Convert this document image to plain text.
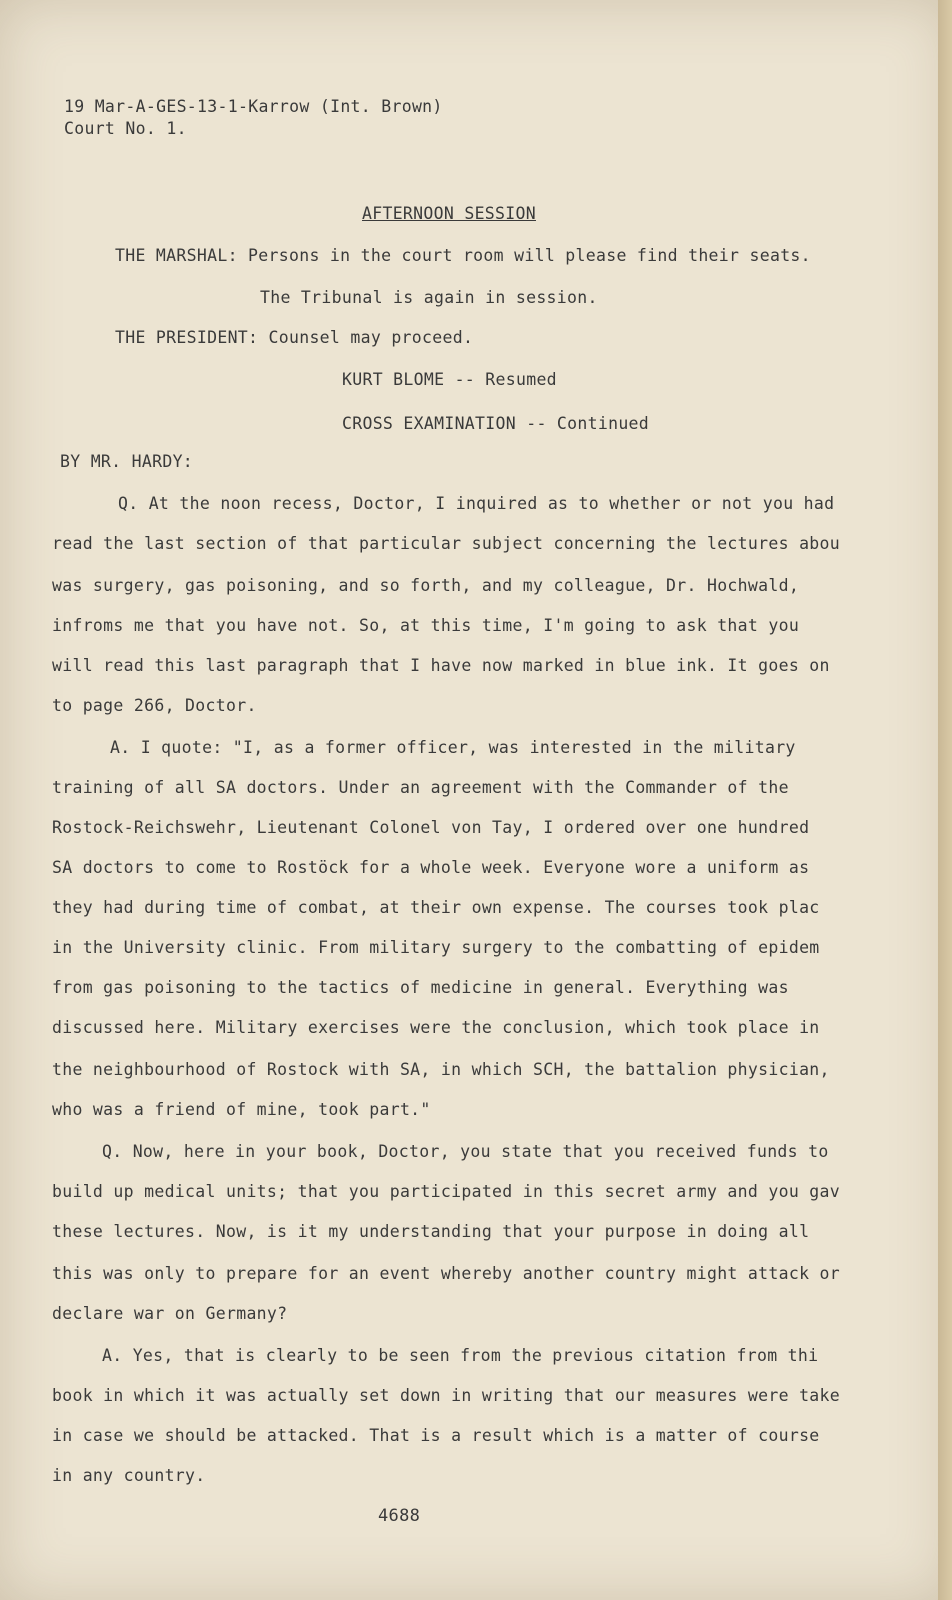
19 Mar-A-GES-13-1-Karrow (Int. Brown)
Court No. 1.
AFTERNOON SESSION
THE MARSHAL: Persons in the court room will please find their seats.
The Tribunal is again in session.
THE PRESIDENT: Counsel may proceed.
KURT BLOME -- Resumed
CROSS EXAMINATION -- Continued
BY MR. HARDY:
Q. At the noon recess, Doctor, I inquired as to whether or not you had
read the last section of that particular subject concerning the lectures abou
was surgery, gas poisoning, and so forth, and my colleague, Dr. Hochwald,
infroms me that you have not. So, at this time, I'm going to ask that you
will read this last paragraph that I have now marked in blue ink. It goes on
to page 266, Doctor.
A. I quote: "I, as a former officer, was interested in the military
training of all SA doctors. Under an agreement with the Commander of the
Rostock-Reichswehr, Lieutenant Colonel von Tay, I ordered over one hundred
SA doctors to come to Rostöck for a whole week. Everyone wore a uniform as
they had during time of combat, at their own expense. The courses took plac
in the University clinic. From military surgery to the combatting of epidem
from gas poisoning to the tactics of medicine in general. Everything was
discussed here. Military exercises were the conclusion, which took place in
the neighbourhood of Rostock with SA, in which SCH, the battalion physician,
who was a friend of mine, took part."
Q. Now, here in your book, Doctor, you state that you received funds to
build up medical units; that you participated in this secret army and you gav
these lectures. Now, is it my understanding that your purpose in doing all
this was only to prepare for an event whereby another country might attack or
declare war on Germany?
A. Yes, that is clearly to be seen from the previous citation from thi
book in which it was actually set down in writing that our measures were take
in case we should be attacked. That is a result which is a matter of course
in any country.
4688
